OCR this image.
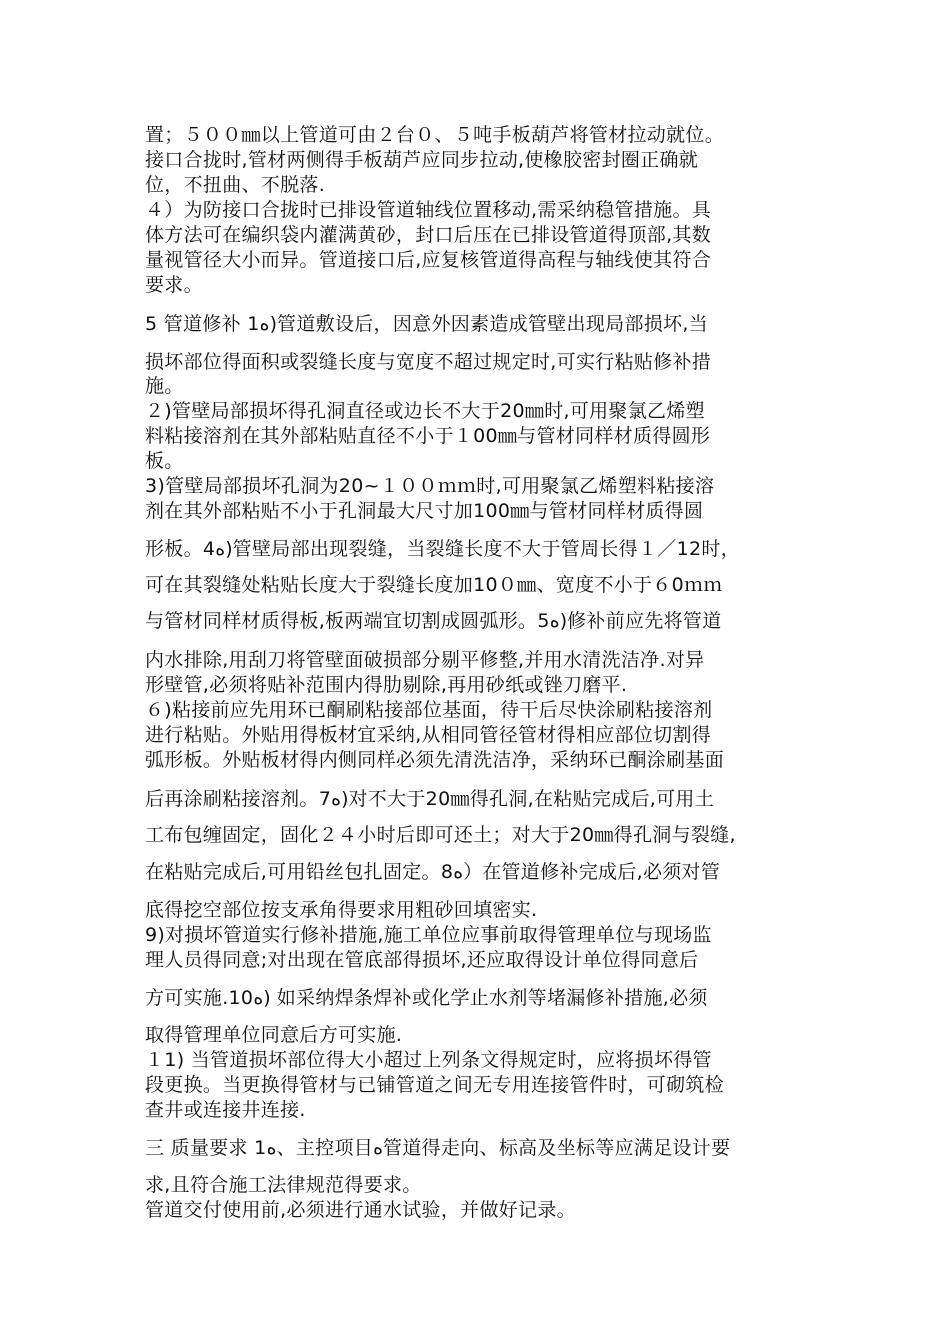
置；５００㎜以上管道可由２台０、５吨手板葫芦将管材拉动就位。
接口合拢时,管材两侧得手板葫芦应同步拉动,使橡胶密封圈正确就
位，不扭曲、不脱落.
４）为防接口合拢时已排设管道轴线位置移动,需采纳稳管措施。具
体方法可在编织袋内灌满黄砂，封口后压在已排设管道得顶部,其数
量视管径大小而异。管道接口后,应复核管道得高程与轴线使其符合
要求。
5 管道修补 1ﻩ)管道敷设后，因意外因素造成管壁出现局部损坏,当
损坏部位得面积或裂缝长度与宽度不超过规定时,可实行粘贴修补措
施。
２)管壁局部损坏得孔洞直径或边长不大于20㎜时,可用聚氯乙烯塑
料粘接溶剂在其外部粘贴直径不小于１00㎜与管材同样材质得圆形
板。
3)管壁局部损坏孔洞为20~１００ｍｍ时,可用聚氯乙烯塑料粘接溶
剂在其外部粘贴不小于孔洞最大尺寸加100㎜与管材同样材质得圆
形板。4ﻩ)管壁局部出现裂缝，当裂缝长度不大于管周长得１／12时，
可在其裂缝处粘贴长度大于裂缝长度加10０㎜、宽度不小于６0ｍｍ
与管材同样材质得板,板两端宜切割成圆弧形。5ﻩ)修补前应先将管道
内水排除,用刮刀将管壁面破损部分剔平修整,并用水清洗洁净.对异
形壁管,必须将贴补范围内得肋剔除,再用砂纸或锉刀磨平.
６)粘接前应先用环已酮刷粘接部位基面，待干后尽快涂刷粘接溶剂
进行粘贴。外贴用得板材宜采纳,从相同管径管材得相应部位切割得
弧形板。外贴板材得内侧同样必须先清洗洁净，采纳环已酮涂刷基面
后再涂刷粘接溶剂。7ﻩ)对不大于20㎜得孔洞,在粘贴完成后,可用土
工布包缠固定，固化２４小时后即可还土；对大于20㎜得孔洞与裂缝,
在粘贴完成后,可用铅丝包扎固定。8ﻩ）在管道修补完成后,必须对管
底得挖空部位按支承角得要求用粗砂回填密实.
9)对损坏管道实行修补措施,施工单位应事前取得管理单位与现场监
理人员得同意;对出现在管底部得损坏,还应取得设计单位得同意后
方可实施.10ﻩ) 如采纳焊条焊补或化学止水剂等堵漏修补措施,必须
取得管理单位同意后方可实施.
１1) 当管道损坏部位得大小超过上列条文得规定时，应将损坏得管
段更换。当更换得管材与已铺管道之间无专用连接管件时，可砌筑检
查井或连接井连接.
三 质量要求 1ﻩ、主控项目ﻩ管道得走向、标高及坐标等应满足设计要
求,且符合施工法律规范得要求。
管道交付使用前,必须进行通水试验，并做好记录。
